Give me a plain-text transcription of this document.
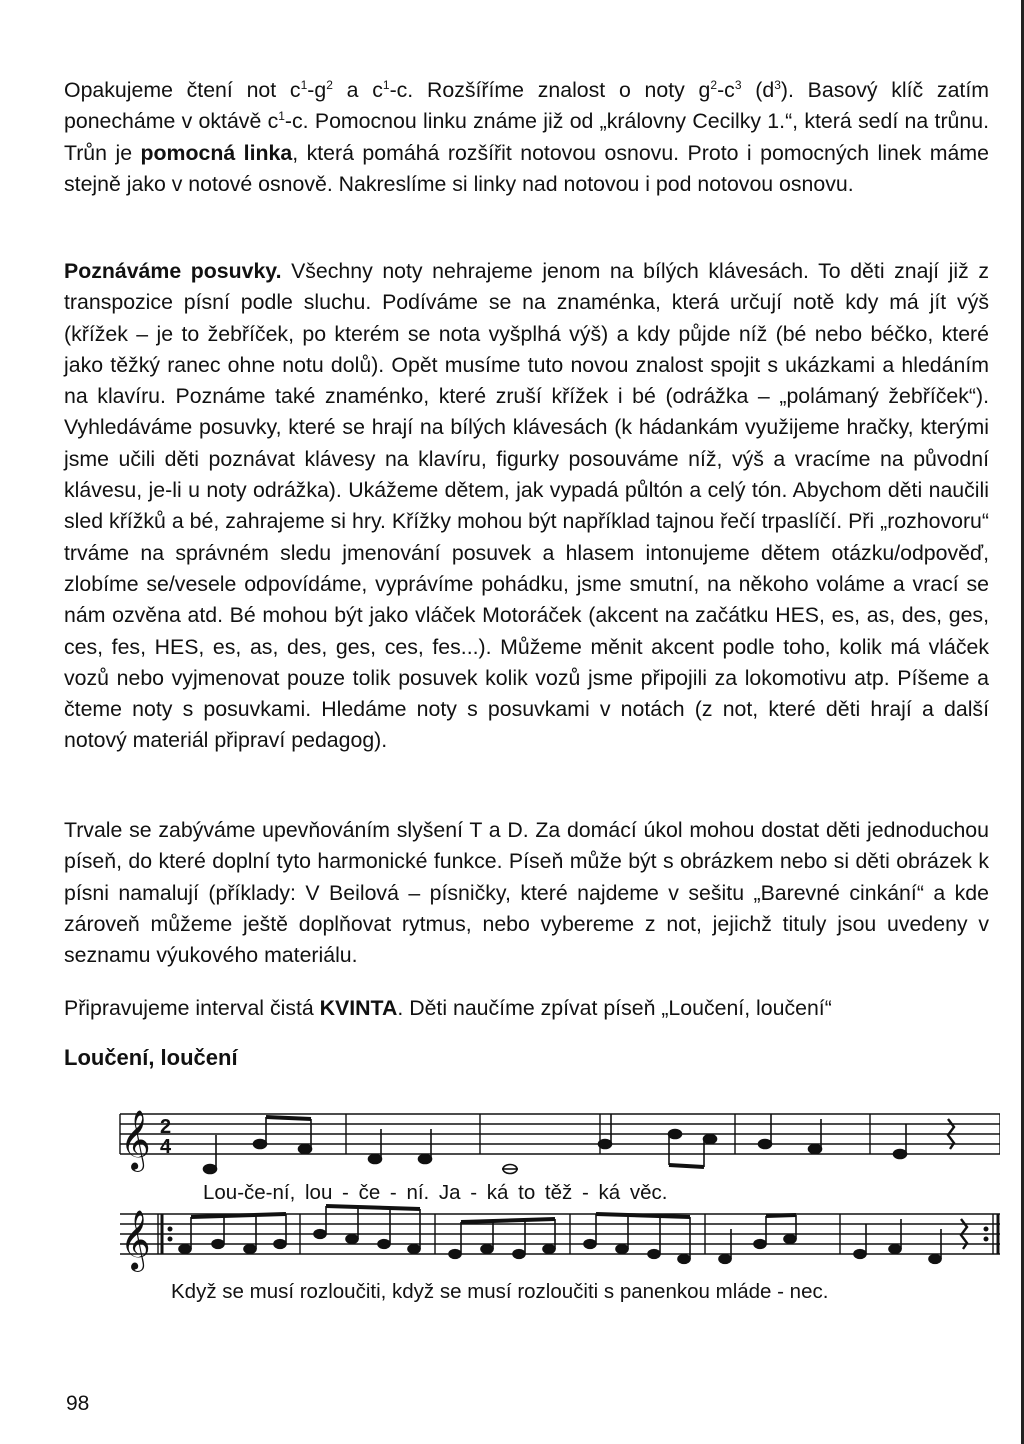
Opakujeme čtení not $c^1-g^2$ a $c^1-c$. Rozšíříme znalost o noty $g^2-c^3$ $(d^3)$. Basový klíč zatím ponecháme v oktávě $c^1-c$. Pomocnou linku známe již od „královny Cecilky 1.“, která sedí na trůnu. Trůn je pomocná linka, která pomáhá rozšířit notovou osnovu. Proto i pomocných linek máme stejně jako v notové osnově. Nakreslíme si linky nad notovou i pod notovou osnovu.

Poznáváme posuvky. Všechny noty nehrajeme jenom na bílých klávesách. To děti znají již z transpozice písní podle sluchu. Podíváme se na znaménka, která určují notě kdy má jít výš (křížek – je to žebříček, po kterém se nota vyšplhá výš) a kdy půjde níž (bé nebo béčko, které jako těžký ranec ohne notu dolů). Opět musíme tuto novou znalost spojit s ukázkami a hledáním na klavíru. Poznáme také znaménko, které zruší křížek i bé (odrážka – „polámaný žebříček“). Vyhledáváme posuvky, které se hrají na bílých klávesách (k hádankám využijeme hračky, kterými jsme učili děti poznávat klávesy na klavíru, figurky posouváme níž, výš a vracíme na původní klávesu, je-li u noty odrážka). Ukážeme dětem, jak vypadá půltón a celý tón. Abychom děti naučili sled křížků a bé, zahrajeme si hry. Křížky mohou být například tajnou řečí trpaslíčí. Při „rozhovoru“ trváme na správném sledu jmenování posuvek a hlasem intonujeme dětem otázku/odpověď, zlobíme se/vesele odpovídáme, vyprávíme pohádku, jsme smutní, na někoho voláme a vrací se nám ozvěna atd. Bé mohou být jako vláček Motoráček (akcent na začátku HES, es, as, des, ges, ces, fes, HES, es, as, des, ges, ces, fes...). Můžeme měnit akcent podle toho, kolik má vláček vozů nebo vyjmenovat pouze tolik posuvek kolik vozů jsme připojili za lokomotivu atp. Píšeme a čteme noty s posuvkami. Hledáme noty s posuvkami v notách (z not, které děti hrají a další notový materiál připraví pedagog).

Trvale se zabýváme upevňováním slyšení T a D. Za domácí úkol mohou dostat děti jednoduchou píseň, do které doplní tyto harmonické funkce. Píseň může být s obrázkem nebo si děti obrázek k písni namalují (příklady: V Beilová – písničky, které najdeme v sešitu „Barevné cinkání“ a kde zároveň můžeme ještě doplňovat rytmus, nebo vybereme z not, jejichž tituly jsou uvedeny v seznamu výukového materiálu.

Připravujeme interval čistá KVINTA. Děti naučíme zpívat píseň „Loučení, loučení“

Loučení, loučení
𝄞 2
4
𝄞
Lou-če-ní, lou - če - ní. Ja - ká to těž - ká věc.
Když se musí rozloučiti, když se musí rozloučiti s panenkou mláde - nec.
98
